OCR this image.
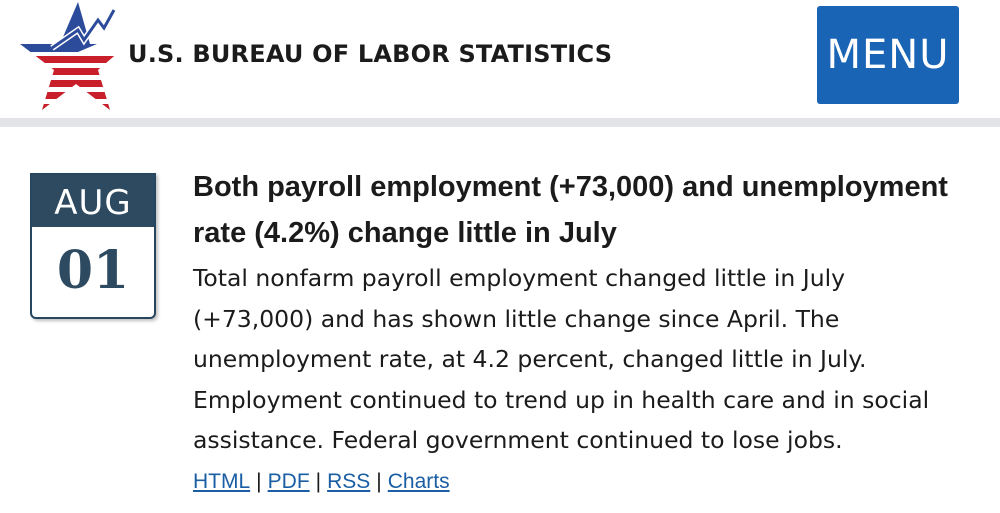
U.S. BUREAU OF LABOR STATISTICS	MENU
AUG
01
Both payroll employment (+73,000) and unemployment rate (4.2%) change little in July

Total nonfarm payroll employment changed little in July (+73,000) and has shown little change since April. The unemployment rate, at 4.2 percent, changed little in July. Employment continued to trend up in health care and in social assistance. Federal government continued to lose jobs.

HTML | PDF | RSS | Charts
